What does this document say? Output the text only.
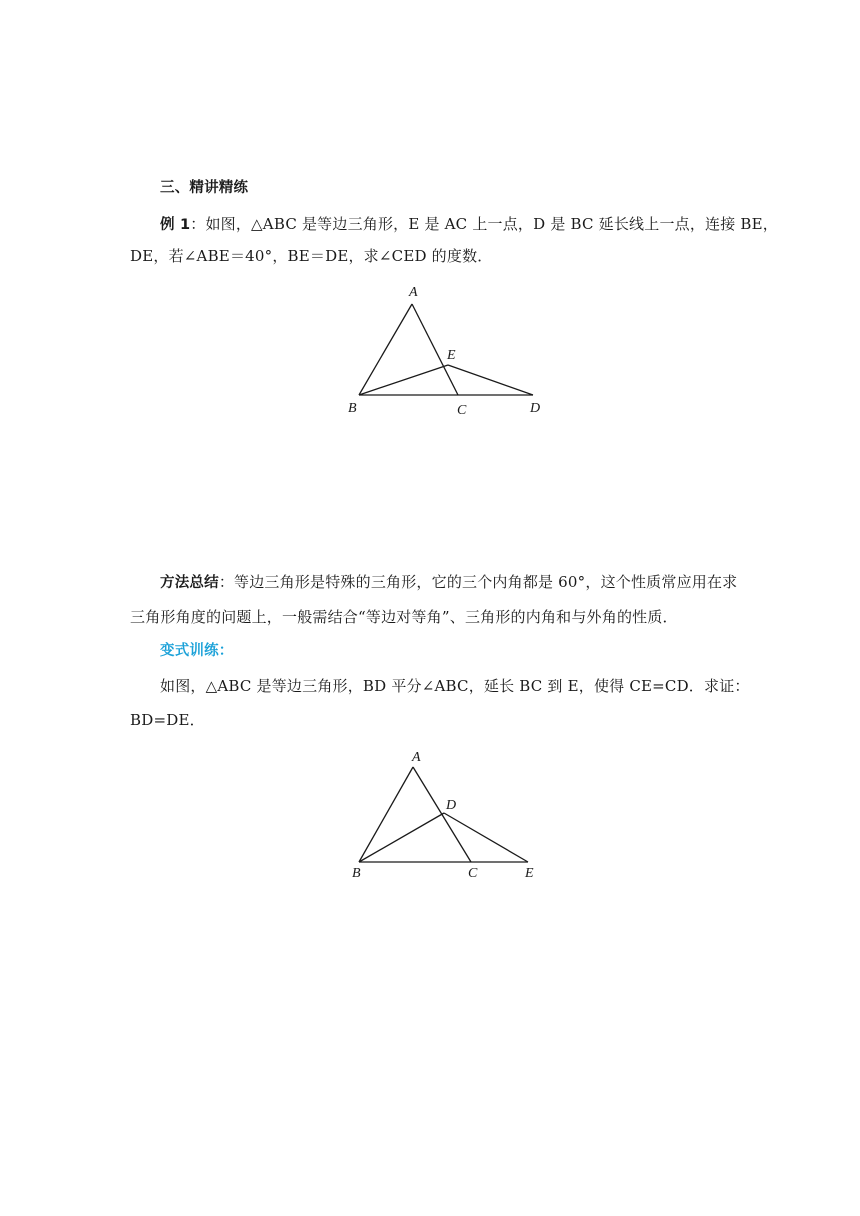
三、精讲精练
例 1：如图，△ABC 是等边三角形，E 是 AC 上一点，D 是 BC 延长线上一点，连接 BE，
DE，若∠ABE＝40°，BE＝DE，求∠CED 的度数．
A
E
B	C	D
方法总结：等边三角形是特殊的三角形，它的三个内角都是 60°，这个性质常应用在求
三角形角度的问题上，一般需结合“等边对等角”、三角形的内角和与外角的性质．
变式训练：
如图，△ABC 是等边三角形，BD 平分∠ABC，延长 BC 到 E，使得 CE=CD．求证：
BD=DE．
A
D
B	C	E
